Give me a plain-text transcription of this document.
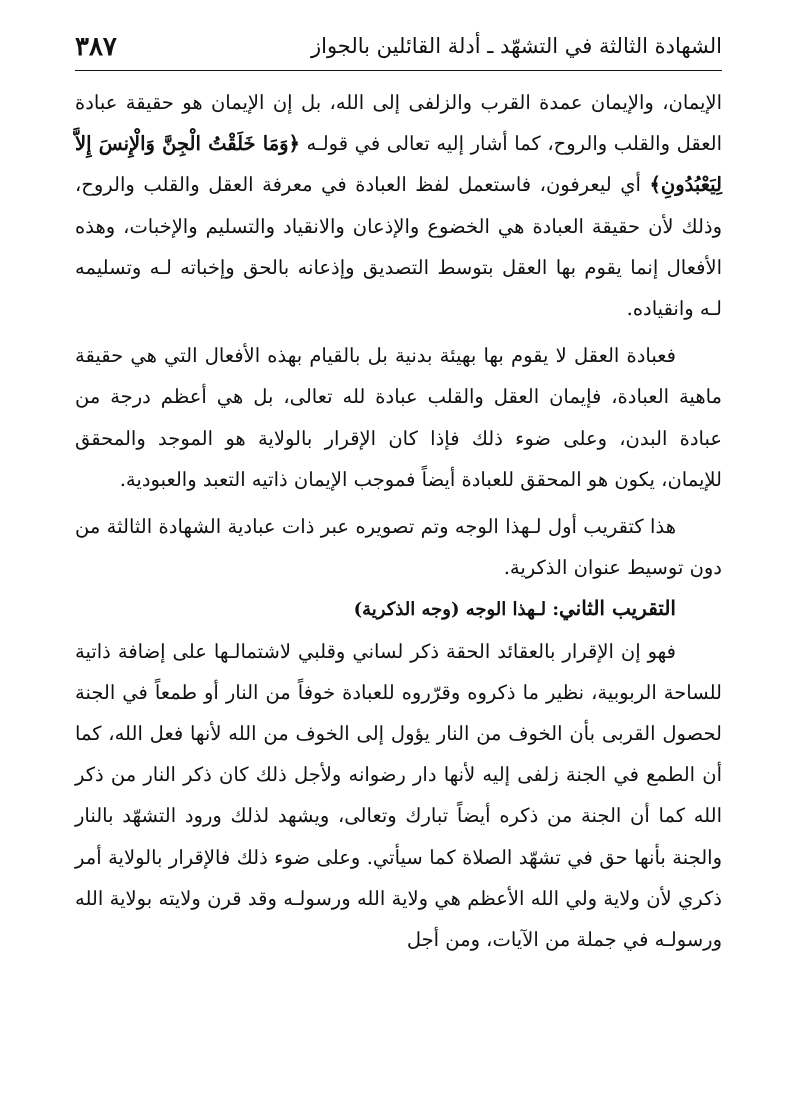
الشهادة الثالثة في التشهّد ـ أدلة القائلين بالجواز
٣٨٧

الإيمان، والإيمان عمدة القرب والزلفى إلى الله، بل إن الإيمان هو حقيقة عبادة العقل والقلب والروح، كما أشار إليه تعالى في قولـه ﴿وَمَا خَلَقْتُ الْجِنَّ وَالْإِنسَ إِلاَّ لِيَعْبُدُونِ﴾ أي ليعرفون، فاستعمل لفظ العبادة في معرفة العقل والقلب والروح، وذلك لأن حقيقة العبادة هي الخضوع والإذعان والانقياد والتسليم والإخبات، وهذه الأفعال إنما يقوم بها العقل بتوسط التصديق وإذعانه بالحق وإخباته لـه وتسليمه لـه وانقياده.

فعبادة العقل لا يقوم بها بهيئة بدنية بل بالقيام بهذه الأفعال التي هي حقيقة ماهية العبادة، فإيمان العقل والقلب عبادة لله تعالى، بل هي أعظم درجة من عبادة البدن، وعلى ضوء ذلك فإذا كان الإقرار بالولاية هو الموجد والمحقق للإيمان، يكون هو المحقق للعبادة أيضاً فموجب الإيمان ذاتيه التعبد والعبودية.

هذا كتقريب أول لـهذا الوجه وتم تصويره عبر ذات عبادية الشهادة الثالثة من دون توسيط عنوان الذكرية.

التقريب الثاني: لـهذا الوجه (وجه الذكرية)

فهو إن الإقرار بالعقائد الحقة ذكر لساني وقلبي لاشتمالـها على إضافة ذاتية للساحة الربوبية، نظير ما ذكروه وقرّروه للعبادة خوفاً من النار أو طمعاً في الجنة لحصول القربى بأن الخوف من النار يؤول إلى الخوف من الله لأنها فعل الله، كما أن الطمع في الجنة زلفى إليه لأنها دار رضوانه ولأجل ذلك كان ذكر النار من ذكر الله كما أن الجنة من ذكره أيضاً تبارك وتعالى، ويشهد لذلك ورود التشهّد بالنار والجنة بأنها حق في تشهّد الصلاة كما سيأتي. وعلى ضوء ذلك فالإقرار بالولاية أمر ذكري لأن ولاية ولي الله الأعظم هي ولاية الله ورسولـه وقد قرن ولايته بولاية الله ورسولـه في جملة من الآيات، ومن أجل
